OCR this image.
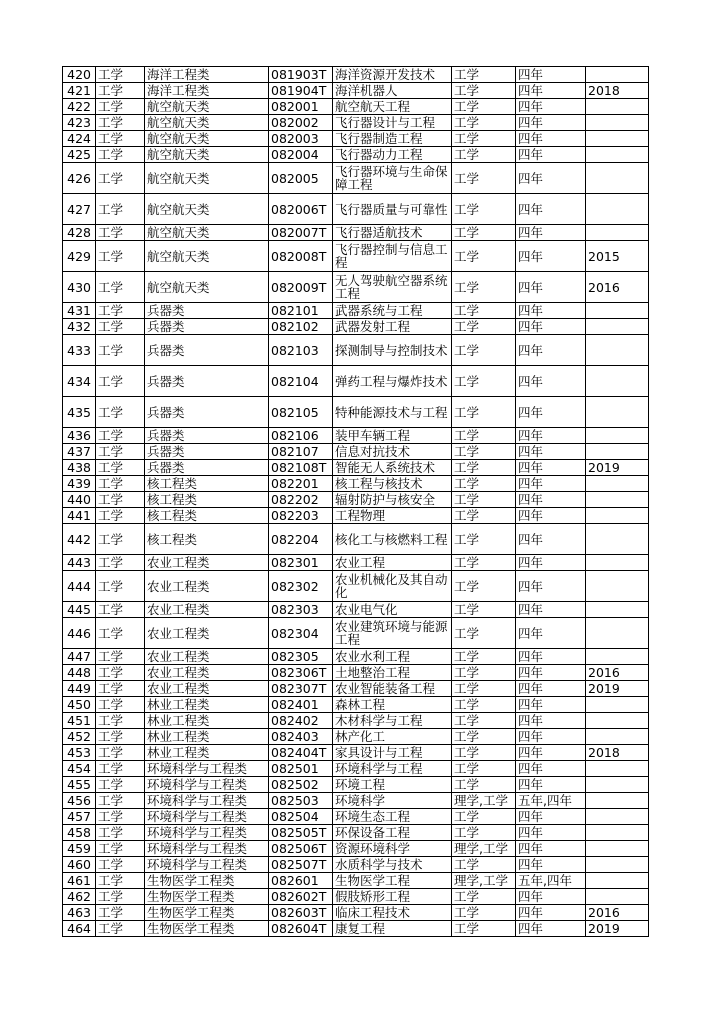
420	工学	海洋工程类	081903T	海洋资源开发技术	工学	四年	
421	工学	海洋工程类	081904T	海洋机器人	工学	四年	2018
422	工学	航空航天类	082001	航空航天工程	工学	四年	
423	工学	航空航天类	082002	飞行器设计与工程	工学	四年	
424	工学	航空航天类	082003	飞行器制造工程	工学	四年	
425	工学	航空航天类	082004	飞行器动力工程	工学	四年	
426	工学	航空航天类	082005	飞行器环境与生命保障工程	工学	四年	
427	工学	航空航天类	082006T	飞行器质量与可靠性	工学	四年	
428	工学	航空航天类	082007T	飞行器适航技术	工学	四年	
429	工学	航空航天类	082008T	飞行器控制与信息工程	工学	四年	2015
430	工学	航空航天类	082009T	无人驾驶航空器系统工程	工学	四年	2016
431	工学	兵器类	082101	武器系统与工程	工学	四年	
432	工学	兵器类	082102	武器发射工程	工学	四年	
433	工学	兵器类	082103	探测制导与控制技术	工学	四年	
434	工学	兵器类	082104	弹药工程与爆炸技术	工学	四年	
435	工学	兵器类	082105	特种能源技术与工程	工学	四年	
436	工学	兵器类	082106	装甲车辆工程	工学	四年	
437	工学	兵器类	082107	信息对抗技术	工学	四年	
438	工学	兵器类	082108T	智能无人系统技术	工学	四年	2019
439	工学	核工程类	082201	核工程与核技术	工学	四年	
440	工学	核工程类	082202	辐射防护与核安全	工学	四年	
441	工学	核工程类	082203	工程物理	工学	四年	
442	工学	核工程类	082204	核化工与核燃料工程	工学	四年	
443	工学	农业工程类	082301	农业工程	工学	四年	
444	工学	农业工程类	082302	农业机械化及其自动化	工学	四年	
445	工学	农业工程类	082303	农业电气化	工学	四年	
446	工学	农业工程类	082304	农业建筑环境与能源工程	工学	四年	
447	工学	农业工程类	082305	农业水利工程	工学	四年	
448	工学	农业工程类	082306T	土地整治工程	工学	四年	2016
449	工学	农业工程类	082307T	农业智能装备工程	工学	四年	2019
450	工学	林业工程类	082401	森林工程	工学	四年	
451	工学	林业工程类	082402	木材科学与工程	工学	四年	
452	工学	林业工程类	082403	林产化工	工学	四年	
453	工学	林业工程类	082404T	家具设计与工程	工学	四年	2018
454	工学	环境科学与工程类	082501	环境科学与工程	工学	四年	
455	工学	环境科学与工程类	082502	环境工程	工学	四年	
456	工学	环境科学与工程类	082503	环境科学	理学,工学	五年,四年	
457	工学	环境科学与工程类	082504	环境生态工程	工学	四年	
458	工学	环境科学与工程类	082505T	环保设备工程	工学	四年	
459	工学	环境科学与工程类	082506T	资源环境科学	理学,工学	四年	
460	工学	环境科学与工程类	082507T	水质科学与技术	工学	四年	
461	工学	生物医学工程类	082601	生物医学工程	理学,工学	五年,四年	
462	工学	生物医学工程类	082602T	假肢矫形工程	工学	四年	
463	工学	生物医学工程类	082603T	临床工程技术	工学	四年	2016
464	工学	生物医学工程类	082604T	康复工程	工学	四年	2019
